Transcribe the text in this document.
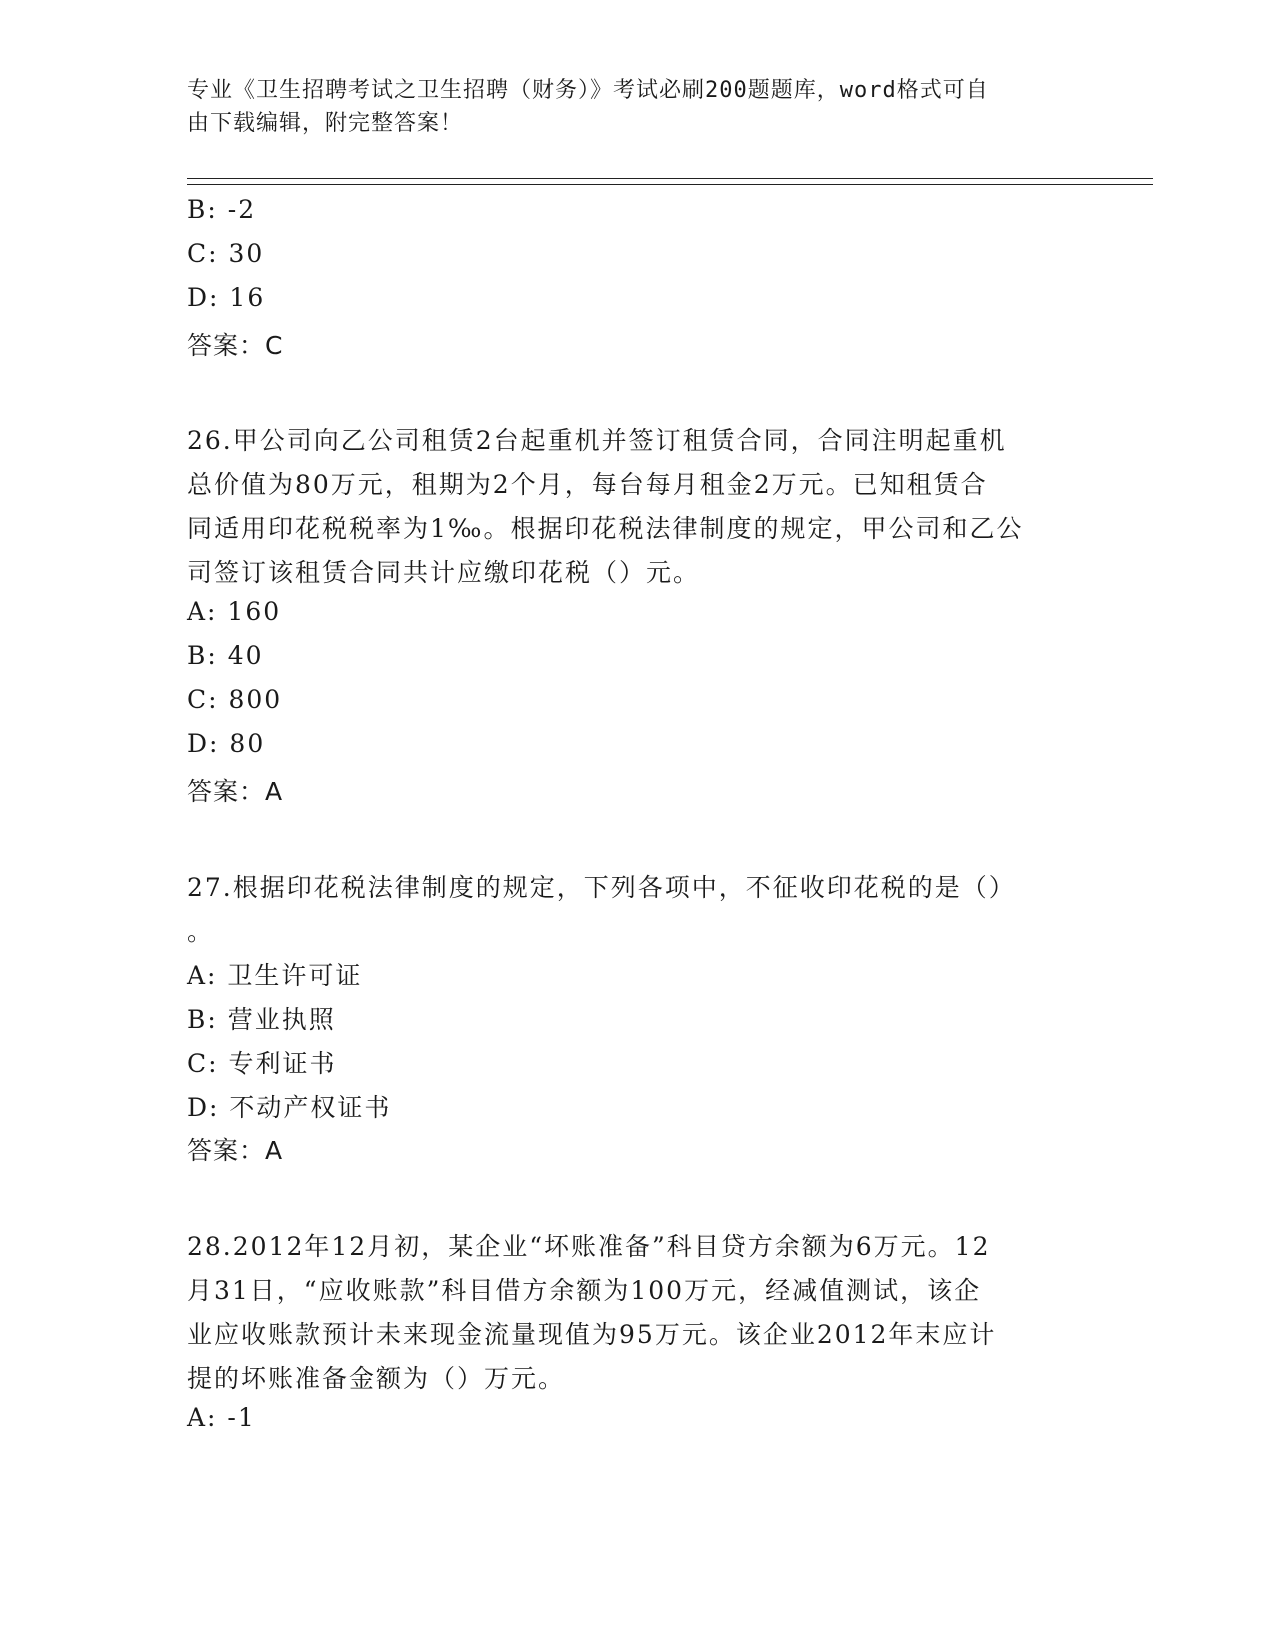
专业《卫生招聘考试之卫生招聘（财务）》考试必刷200题题库，word格式可自
由下载编辑，附完整答案！
B: -2
C: 30
D: 16
答案：C
26.甲公司向乙公司租赁2台起重机并签订租赁合同，合同注明起重机
总价值为80万元，租期为2个月，每台每月租金2万元。已知租赁合
同适用印花税税率为1‰。根据印花税法律制度的规定，甲公司和乙公
司签订该租赁合同共计应缴印花税（）元。
A: 160
B: 40
C: 800
D: 80
答案：A
27.根据印花税法律制度的规定，下列各项中，不征收印花税的是（）
。
A: 卫生许可证
B: 营业执照
C: 专利证书
D: 不动产权证书
答案：A
28.2012年12月初，某企业“坏账准备”科目贷方余额为6万元。12
月31日，“应收账款”科目借方余额为100万元，经减值测试，该企
业应收账款预计未来现金流量现值为95万元。该企业2012年末应计
提的坏账准备金额为（）万元。
A: -1
